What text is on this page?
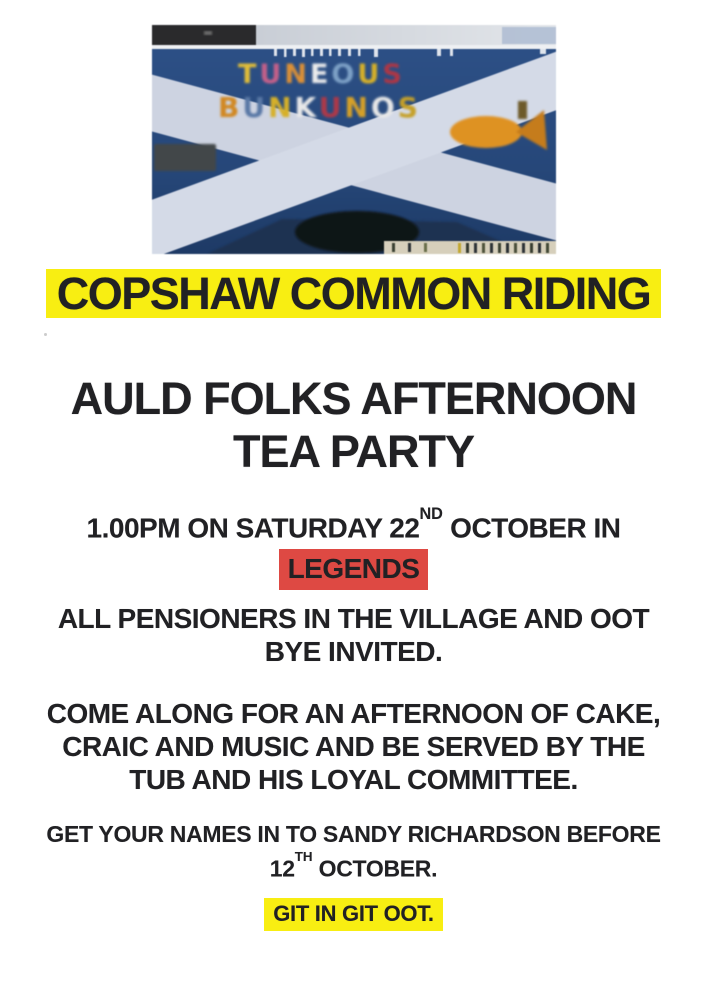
TUNEOUS
BUNKUNOS
COPSHAW COMMON RIDING
AULD FOLKS AFTERNOON
TEA PARTY
1.00PM ON SATURDAY 22ND OCTOBER IN
LEGENDS
ALL PENSIONERS IN THE VILLAGE AND OOT
BYE INVITED.
COME ALONG FOR AN AFTERNOON OF CAKE,
CRAIC AND MUSIC AND BE SERVED BY THE
TUB AND HIS LOYAL COMMITTEE.
GET YOUR NAMES IN TO SANDY RICHARDSON BEFORE
12TH OCTOBER.
GIT IN GIT OOT.
